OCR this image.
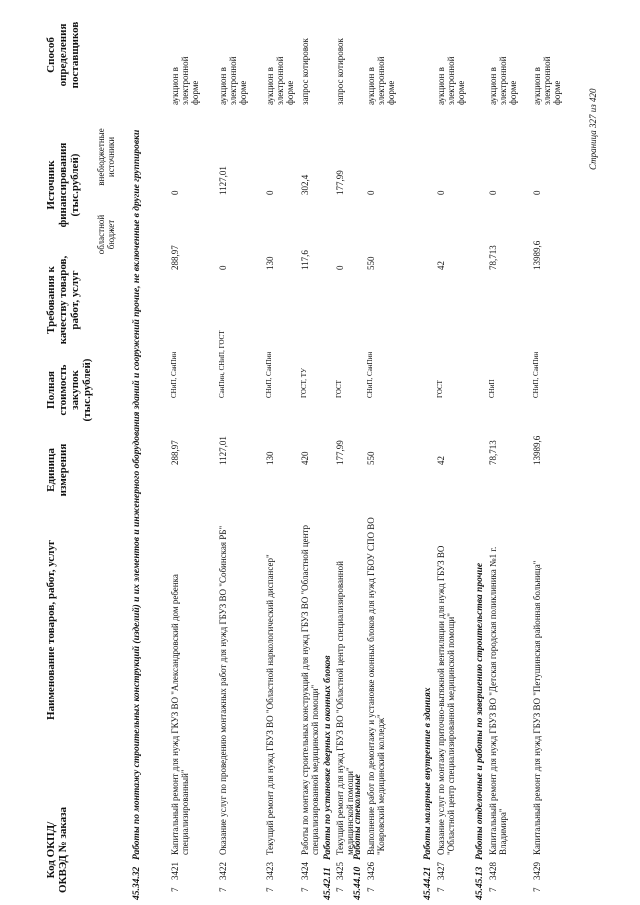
Код ОКПД/ ОКВЭД № заказа
Наименование товаров, работ, услуг
Единица измерения
Полная стоимость закупок (тыс.рублей)
Требования к качеству товаров, работ, услуг
Источник финансирования (тыс.рублей)
областной бюджет
внебюджетные источники
Способ определения поставщиков
45.34.32
Работы по монтажу строительных конструкций (изделий) и их элементов и инженерного оборудования зданий и сооружений прочие, не включенные в другие группировки
7
3421
Капитальный ремонт для нужд ГКУЗ ВО "Александровский дом ребенка специализированный"
288,97
СНиП, СанПин
288,97
0
аукцион в электронной форме
7
3422
Оказание услуг по проведению монтажных работ для нужд ГБУЗ ВО "Собинская РБ"
1127,01
СанПин, СНиП, ГОСТ
0
1127,01
аукцион в электронной форме
7
3423
Текущий ремонт для нужд ГБУЗ ВО "Областной наркологический диспансер"
130
СНиП, СанПин
130
0
аукцион в электронной форме
7
3424
Работы по монтажу строительных конструкций для нужд ГБУЗ ВО "Областной центр специализированной медицинской помощи"
420
ГОСТ, ТУ
117,6
302,4
запрос котировок
45.42.11
Работы по установке дверных и оконных блоков
7
3425
Текущий ремонт для нужд ГБУЗ ВО "Областной центр специализированной медицинской помощи"
177,99
ГОСТ
0
177,99
запрос котировок
45.44.10
Работы стекольные
7
3426
Выполнение работ по демонтажу и установке оконных блоков для нужд ГБОУ СПО ВО "Ковровский медицинский колледж"
550
СНиП, СанПин
550
0
аукцион в электронной форме
45.44.21
Работы малярные внутренние в зданиях
7
3427
Оказание услуг по монтажу приточно-вытяжной вентиляции для нужд ГБУЗ ВО "Областной центр специализированной медицинской помощи"
42
ГОСТ
42
0
аукцион в электронной форме
45.45.13
Работы отделочные и работы по завершению строительства прочие
7
3428
Капитальный ремонт для нужд ГБУЗ ВО "Детская городская поликлиника №1 г. Владимира"
78,713
СНиП
78,713
0
аукцион в электронной форме
7
3429
Капитальный ремонт для нужд ГБУЗ ВО "Петушинская районная больница"
13989,6
СНиП, СанПин
13989,6
0
аукцион в электронной форме	Страница 327 из 420
